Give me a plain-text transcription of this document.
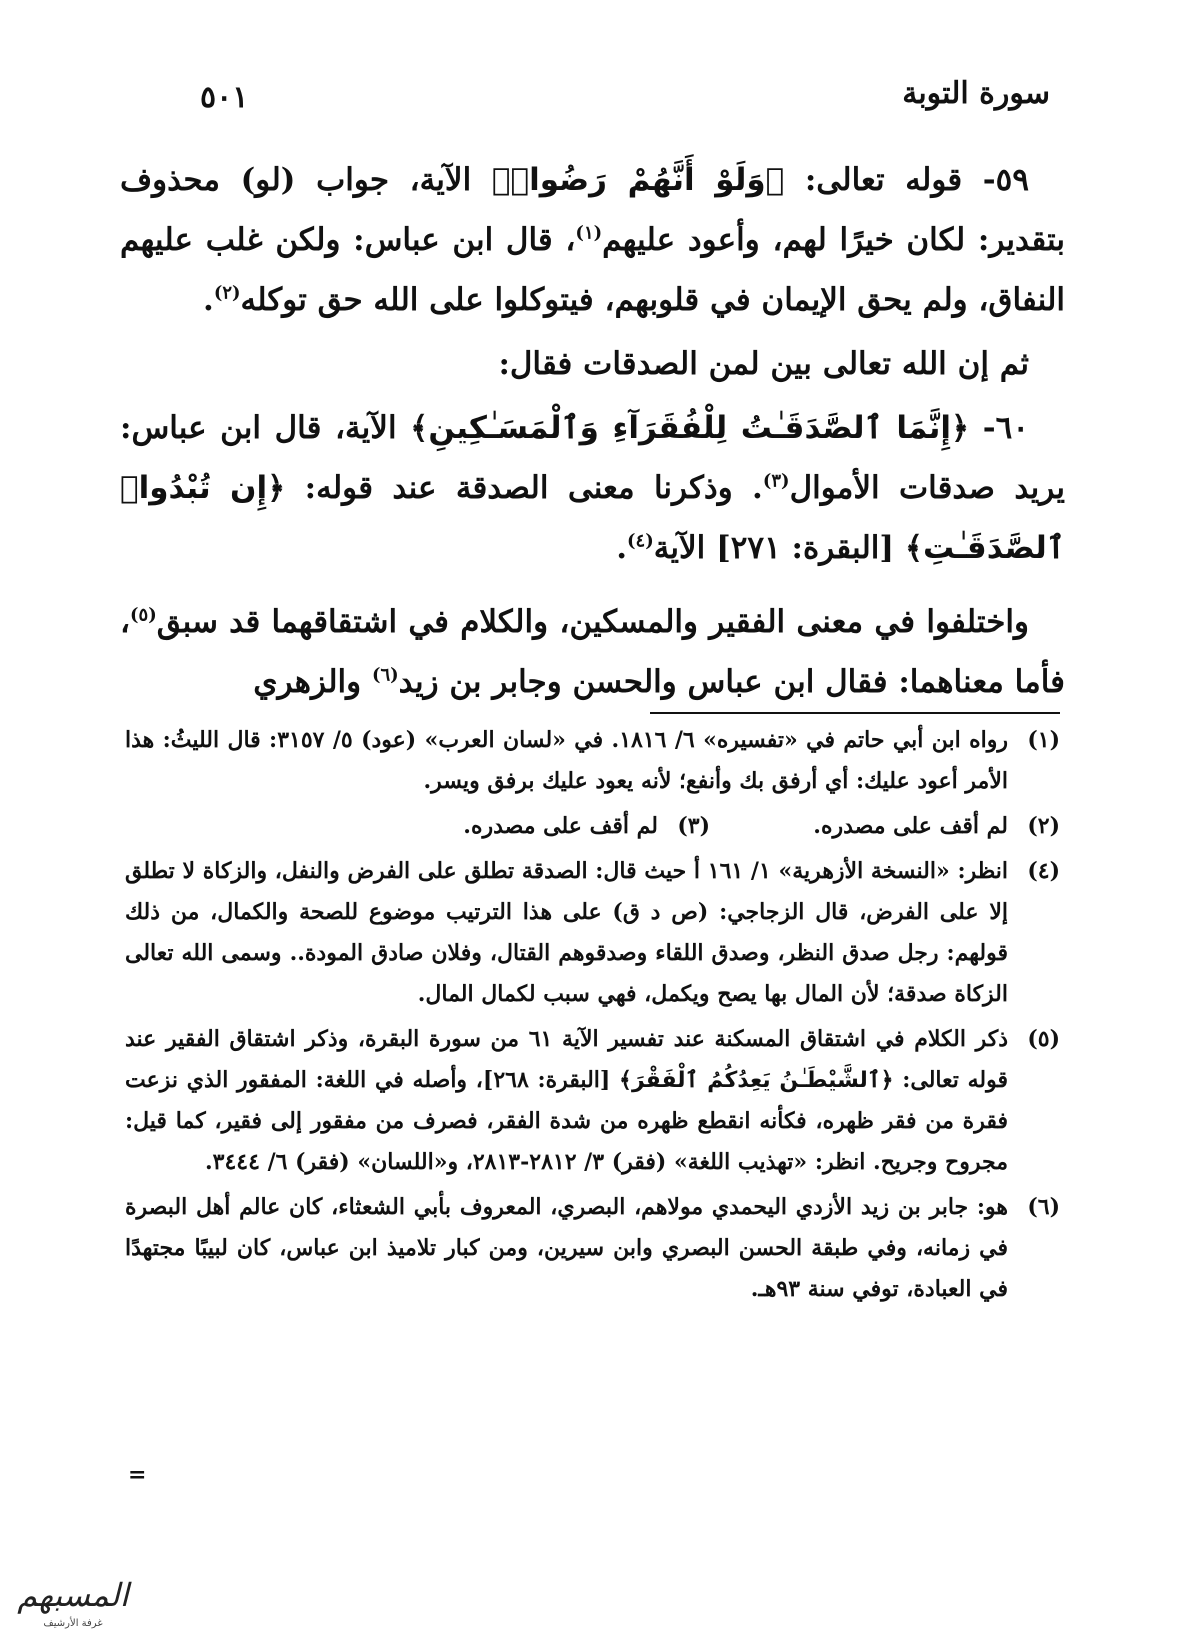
سورة التوبة
٥٠١

٥٩- قوله تعالى: ﴿وَلَوْ أَنَّهُمْ رَضُوا۟﴾ الآية، جواب (لو) محذوف بتقدير: لكان خيرًا لهم، وأعود عليهم$^{(١)}$، قال ابن عباس: ولكن غلب عليهم النفاق، ولم يحق الإيمان في قلوبهم، فيتوكلوا على الله حق توكله$^{(٢)}$.

ثم إن الله تعالى بين لمن الصدقات فقال:

٦٠- ﴿إِنَّمَا ٱلصَّدَقَـٰتُ لِلْفُقَرَآءِ وَٱلْمَسَـٰكِينِ﴾ الآية، قال ابن عباس: يريد صدقات الأموال$^{(٣)}$. وذكرنا معنى الصدقة عند قوله: ﴿إِن تُبْدُوا۟ ٱلصَّدَقَـٰتِ﴾ [البقرة: ٢٧١] الآية$^{(٤)}$.

واختلفوا في معنى الفقير والمسكين، والكلام في اشتقاقهما قد سبق$^{(٥)}$، فأما معناهما: فقال ابن عباس والحسن وجابر بن زيد$^{(٦)}$ والزهري

(١)
رواه ابن أبي حاتم في «تفسيره» ٦/ ١٨١٦. في «لسان العرب» (عود) ٥/ ٣١٥٧: قال الليثُ: هذا الأمر أعود عليك: أي أرفق بك وأنفع؛ لأنه يعود عليك برفق ويسر.
(٢)
لم أقف على مصدره.
(٣)
لم أقف على مصدره.
(٤)
انظر: «النسخة الأزهرية» ١/ ١٦١ أ حيث قال: الصدقة تطلق على الفرض والنفل، والزكاة لا تطلق إلا على الفرض، قال الزجاجي: (ص د ق) على هذا الترتيب موضوع للصحة والكمال، من ذلك قولهم: رجل صدق النظر، وصدق اللقاء وصدقوهم القتال، وفلان صادق المودة.. وسمى الله تعالى الزكاة صدقة؛ لأن المال بها يصح ويكمل، فهي سبب لكمال المال.
(٥)
ذكر الكلام في اشتقاق المسكنة عند تفسير الآية ٦١ من سورة البقرة، وذكر اشتقاق الفقير عند قوله تعالى: ﴿ٱلشَّيْطَـٰنُ يَعِدُكُمُ ٱلْفَقْرَ﴾ [البقرة: ٢٦٨]، وأصله في اللغة: المفقور الذي نزعت فقرة من فقر ظهره، فكأنه انقطع ظهره من شدة الفقر، فصرف من مفقور إلى فقير، كما قيل: مجروح وجريح. انظر: «تهذيب اللغة» (فقر) ٣/ ٢٨١٢-٢٨١٣، و«اللسان» (فقر) ٦/ ٣٤٤٤.
(٦)
هو: جابر بن زيد الأزدي اليحمدي مولاهم، البصري، المعروف بأبي الشعثاء، كان عالم أهل البصرة في زمانه، وفي طبقة الحسن البصري وابن سيرين، ومن كبار تلاميذ ابن عباس، كان لبيبًا مجتهدًا في العبادة، توفي سنة ٩٣هـ.
=
المسبهم
غرفة الأرشيف
